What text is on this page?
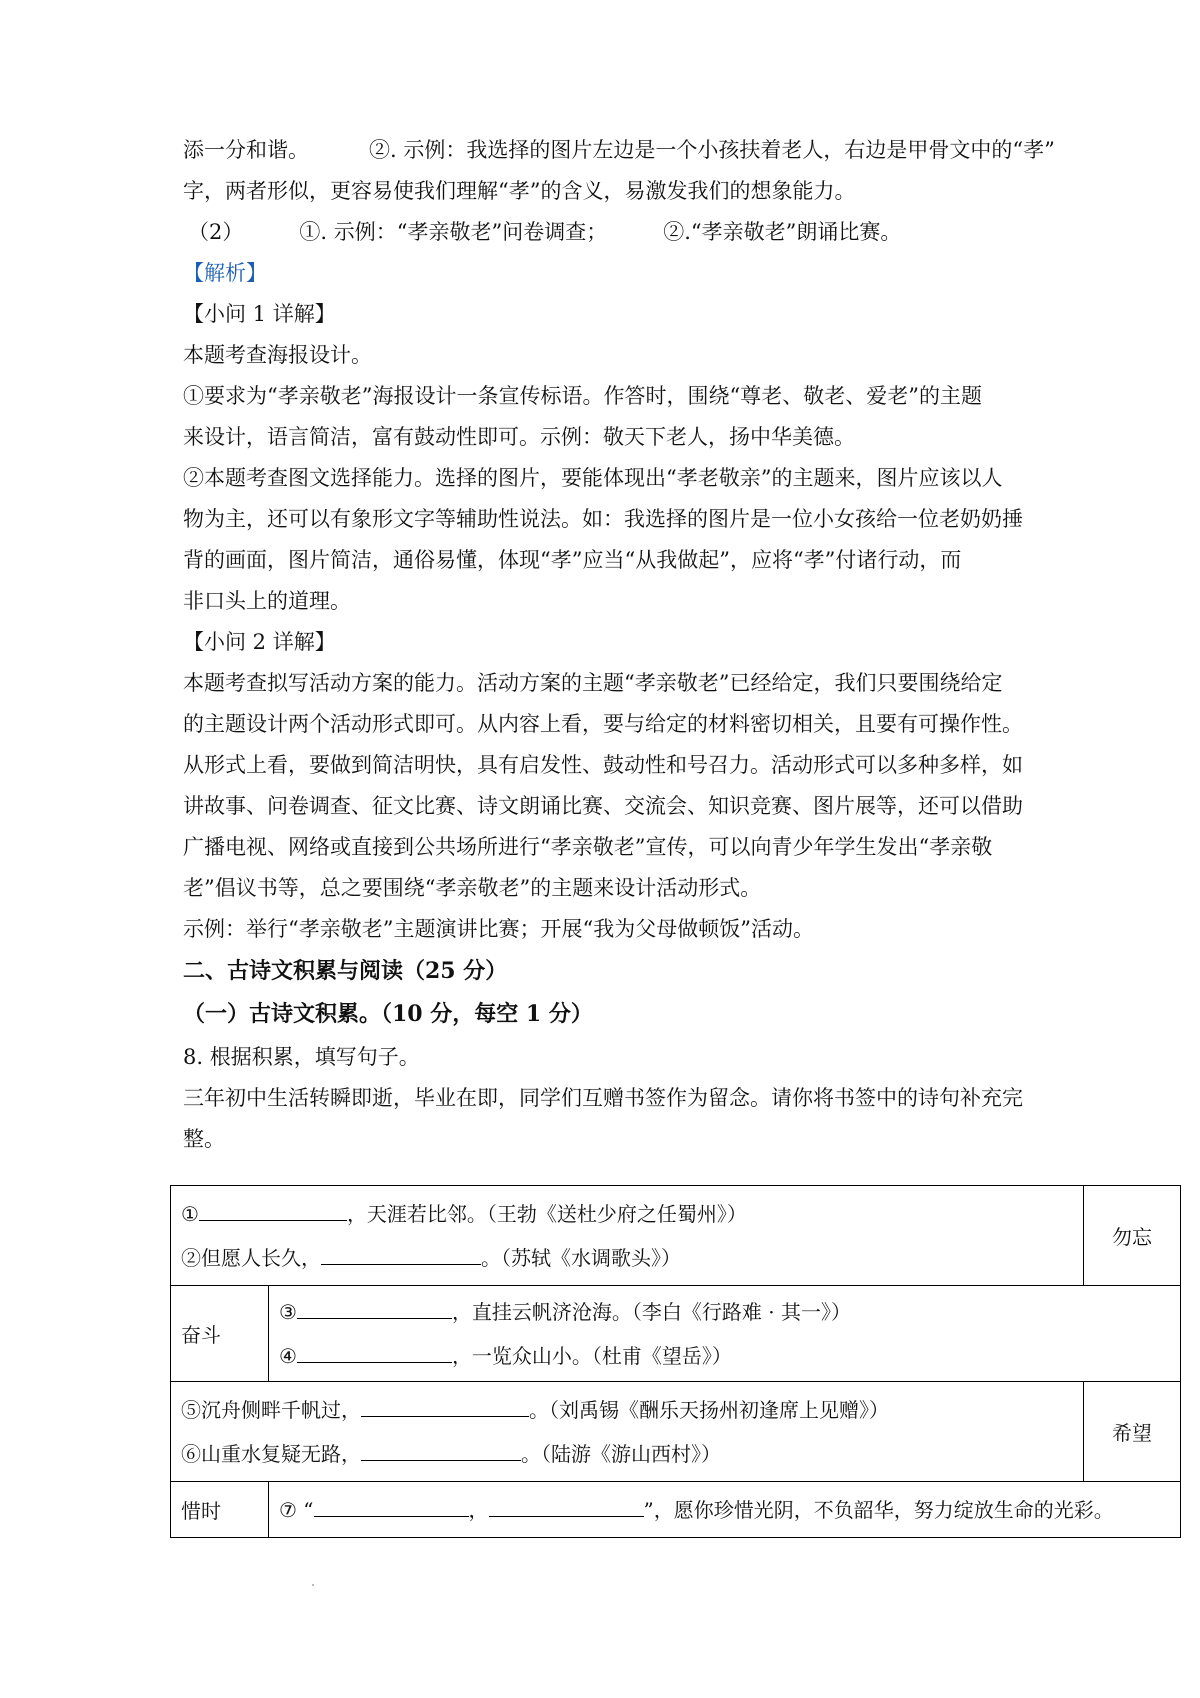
添一分和谐。	②. 示例：我选择的图片左边是一个小孩扶着老人，右边是甲骨文中的“孝”
字，两者形似，更容易使我们理解“孝”的含义，易激发我们的想象能力。
（2）	①. 示例：“孝亲敬老”问卷调查；	②.“孝亲敬老”朗诵比赛。
【解析】
【小问 1 详解】
本题考查海报设计。
①要求为“孝亲敬老”海报设计一条宣传标语。作答时，围绕“尊老、敬老、爱老”的主题
来设计，语言简洁，富有鼓动性即可。示例：敬天下老人，扬中华美德。
②本题考查图文选择能力。选择的图片，要能体现出“孝老敬亲”的主题来，图片应该以人
物为主，还可以有象形文字等辅助性说法。如：我选择的图片是一位小女孩给一位老奶奶捶
背的画面，图片简洁，通俗易懂，体现“孝”应当“从我做起”，应将“孝”付诸行动，而
非口头上的道理。
【小问 2 详解】
本题考查拟写活动方案的能力。活动方案的主题“孝亲敬老”已经给定，我们只要围绕给定
的主题设计两个活动形式即可。从内容上看，要与给定的材料密切相关，且要有可操作性。
从形式上看，要做到简洁明快，具有启发性、鼓动性和号召力。活动形式可以多种多样，如
讲故事、问卷调查、征文比赛、诗文朗诵比赛、交流会、知识竞赛、图片展等，还可以借助
广播电视、网络或直接到公共场所进行“孝亲敬老”宣传，可以向青少年学生发出“孝亲敬
老”倡议书等，总之要围绕“孝亲敬老”的主题来设计活动形式。
示例：举行“孝亲敬老”主题演讲比赛；开展“我为父母做顿饭”活动。
二、古诗文积累与阅读（25 分）
（一）古诗文积累。（10 分，每空 1 分）
8. 根据积累，填写句子。
三年初中生活转瞬即逝，毕业在即，同学们互赠书签作为留念。请你将书签中的诗句补充完
整。
① ，天涯若比邻。（王勃《送杜少府之任蜀州》）
②但愿人长久， 。（苏轼《水调歌头》）		勿忘
奋斗	③ ，直挂云帆济沧海。（李白《行路难 · 其一》）
④ ，一览众山小。（杜甫《望岳》）	

⑤沉舟侧畔千帆过， 。（刘禹锡《酬乐天扬州初逢席上见赠》）
⑥山重水复疑无路， 。（陆游《游山西村》）		希望
惜时	⑦ “ ， ”，愿你珍惜光阴，不负韶华，努力绽放生命的光彩。	
